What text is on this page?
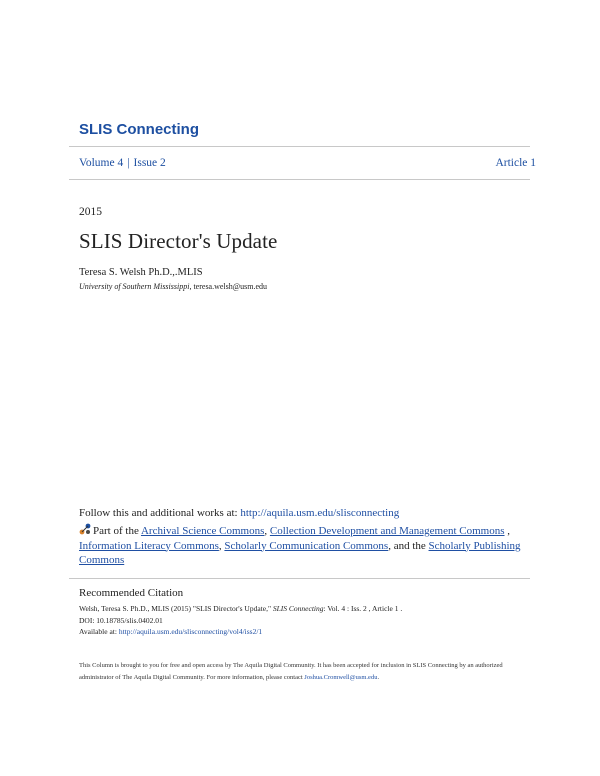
SLIS Connecting
Volume 4 | Issue 2	Article 1
2015
SLIS Director's Update
Teresa S. Welsh Ph.D.,.MLIS
University of Southern Mississippi, teresa.welsh@usm.edu
Follow this and additional works at: http://aquila.usm.edu/slisconnecting
Part of the Archival Science Commons, Collection Development and Management Commons ,
Information Literacy Commons, Scholarly Communication Commons, and the Scholarly Publishing Commons
Recommended Citation
Welsh, Teresa S. Ph.D., MLIS (2015) "SLIS Director's Update," SLIS Connecting: Vol. 4 : Iss. 2 , Article 1 .
DOI: 10.18785/slis.0402.01
Available at: http://aquila.usm.edu/slisconnecting/vol4/iss2/1
This Column is brought to you for free and open access by The Aquila Digital Community. It has been accepted for inclusion in SLIS Connecting by an authorized administrator of The Aquila Digital Community. For more information, please contact Joshua.Cromwell@usm.edu.
